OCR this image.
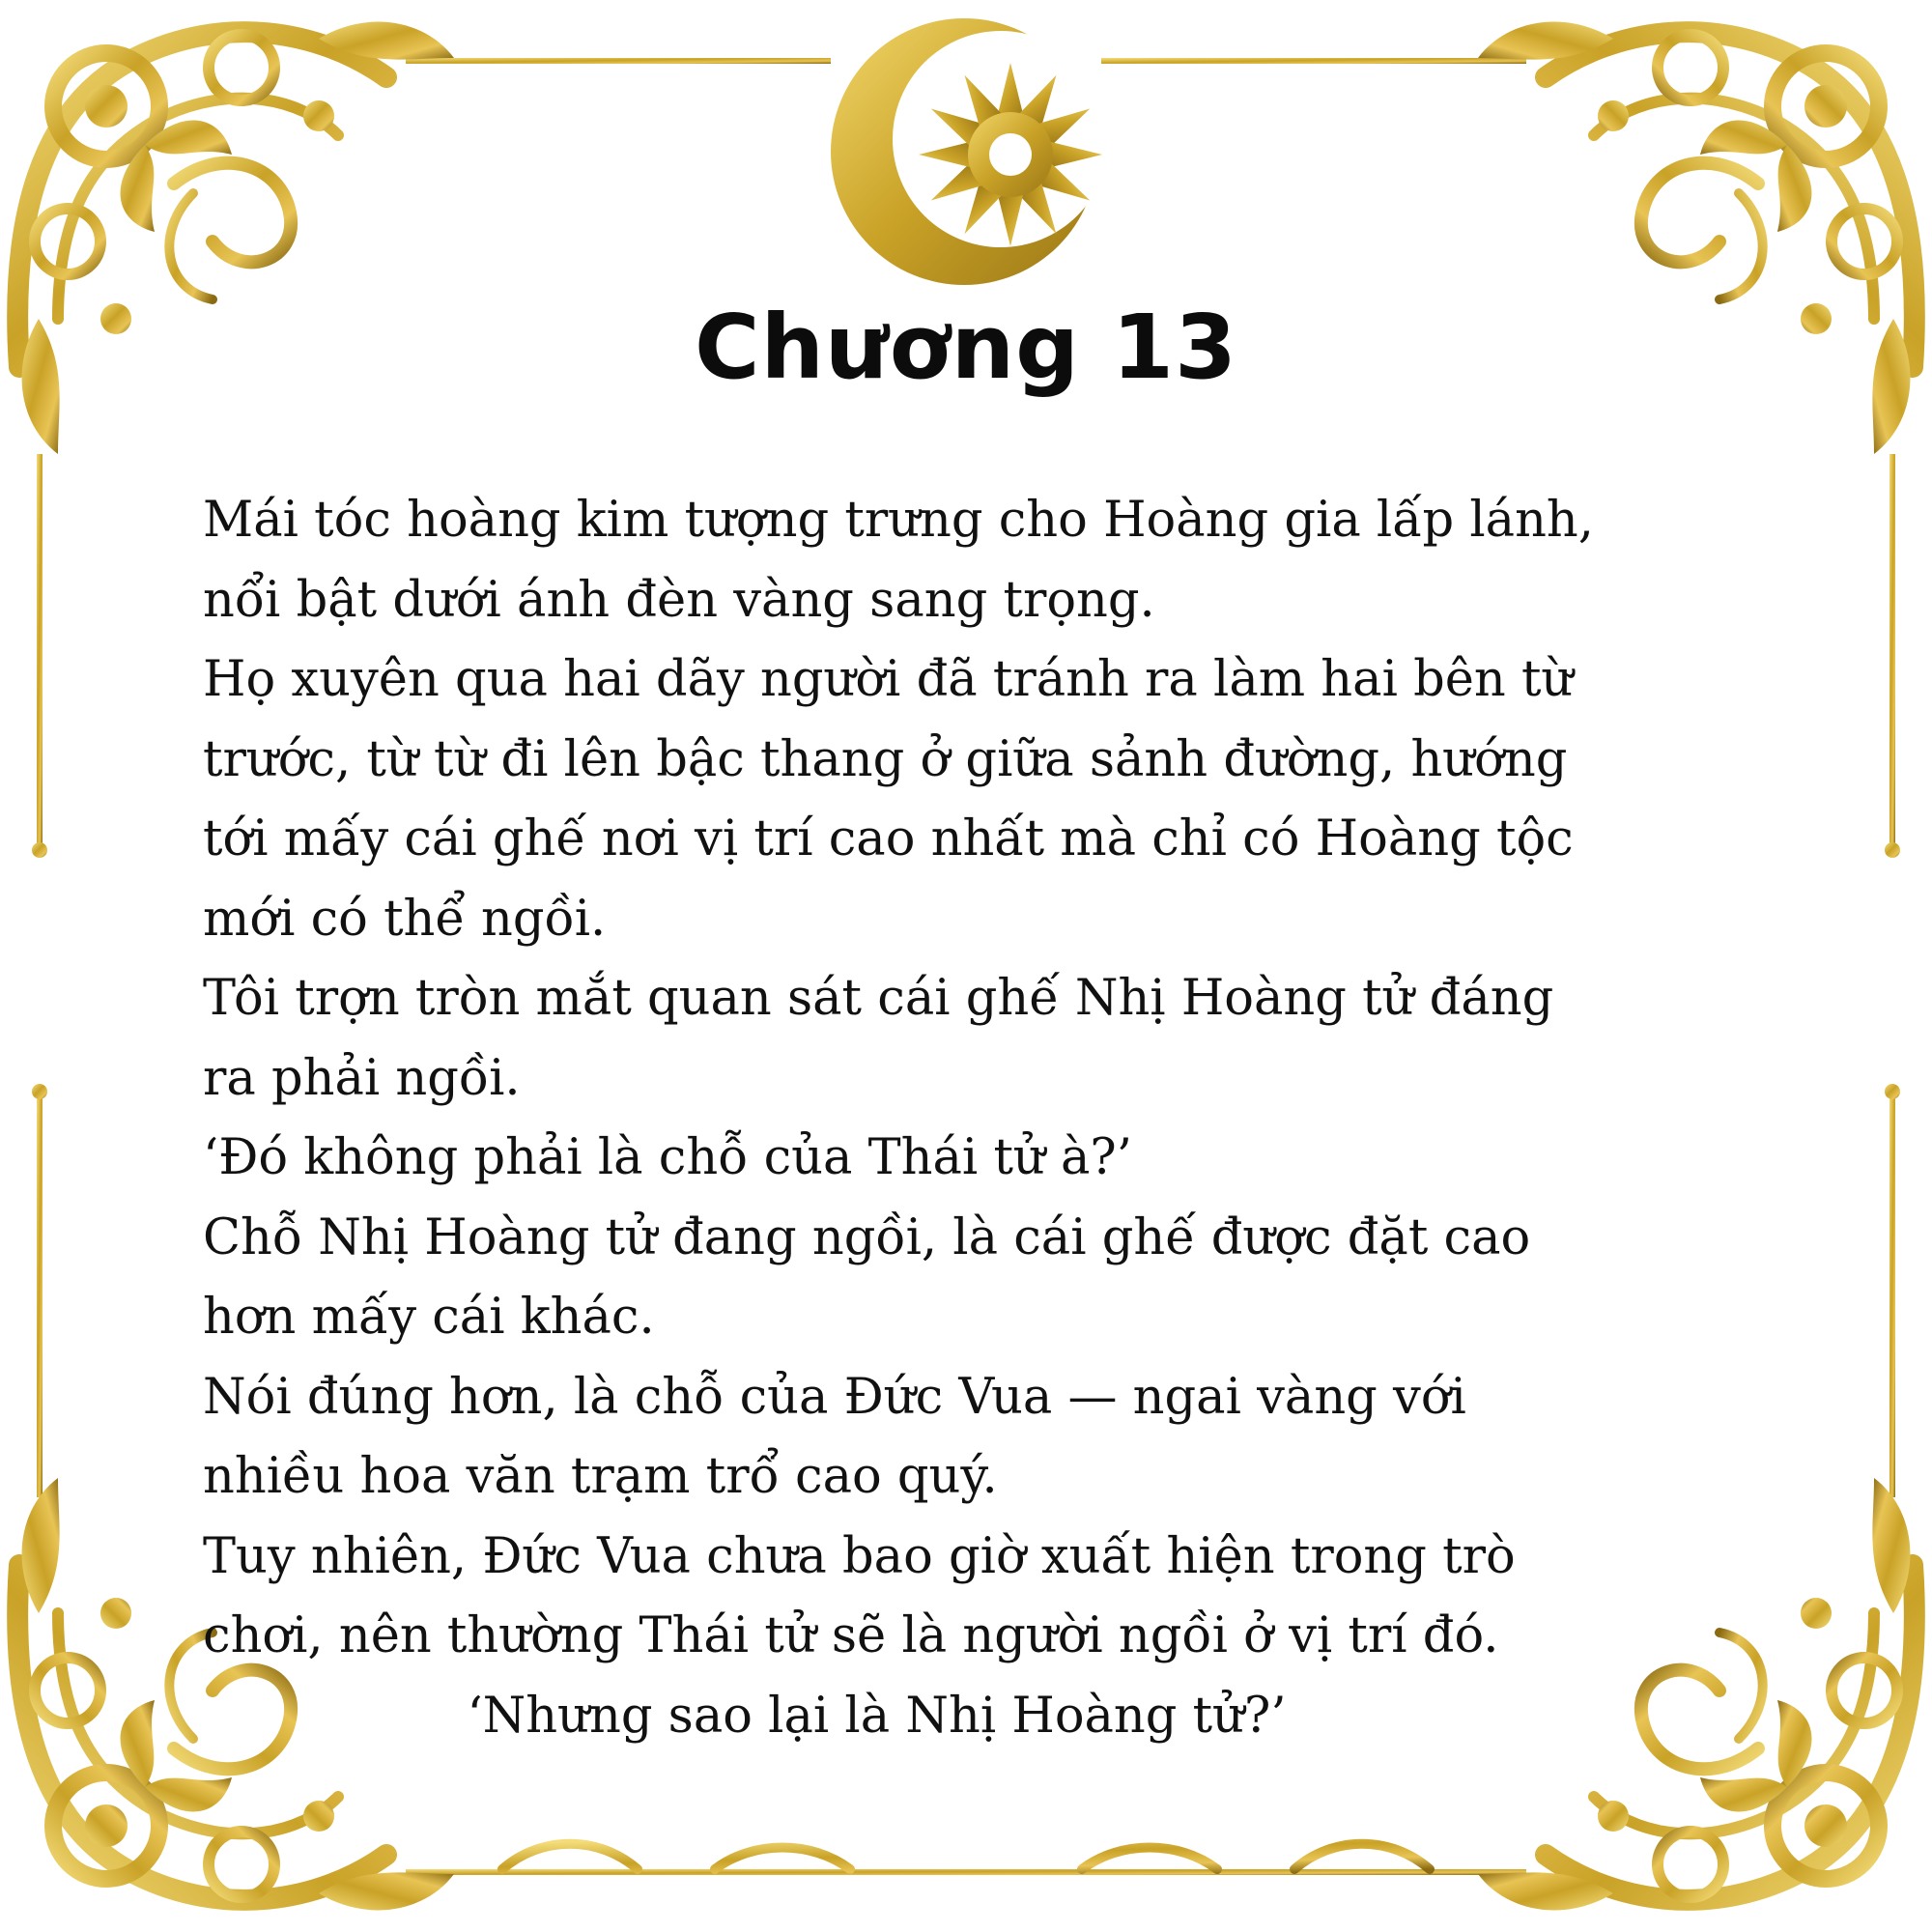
Chương 13
Mái tóc hoàng kim tượng trưng cho Hoàng gia lấp lánh,
nổi bật dưới ánh đèn vàng sang trọng.
Họ xuyên qua hai dãy người đã tránh ra làm hai bên từ
trước, từ từ đi lên bậc thang ở giữa sảnh đường, hướng
tới mấy cái ghế nơi vị trí cao nhất mà chỉ có Hoàng tộc
mới có thể ngồi.
Tôi trợn tròn mắt quan sát cái ghế Nhị Hoàng tử đáng
ra phải ngồi.
‘Đó không phải là chỗ của Thái tử à?’
Chỗ Nhị Hoàng tử đang ngồi, là cái ghế được đặt cao
hơn mấy cái khác.
Nói đúng hơn, là chỗ của Đức Vua — ngai vàng với
nhiều hoa văn trạm trổ cao quý.
Tuy nhiên, Đức Vua chưa bao giờ xuất hiện trong trò
chơi, nên thường Thái tử sẽ là người ngồi ở vị trí đó.
‘Nhưng sao lại là Nhị Hoàng tử?’
